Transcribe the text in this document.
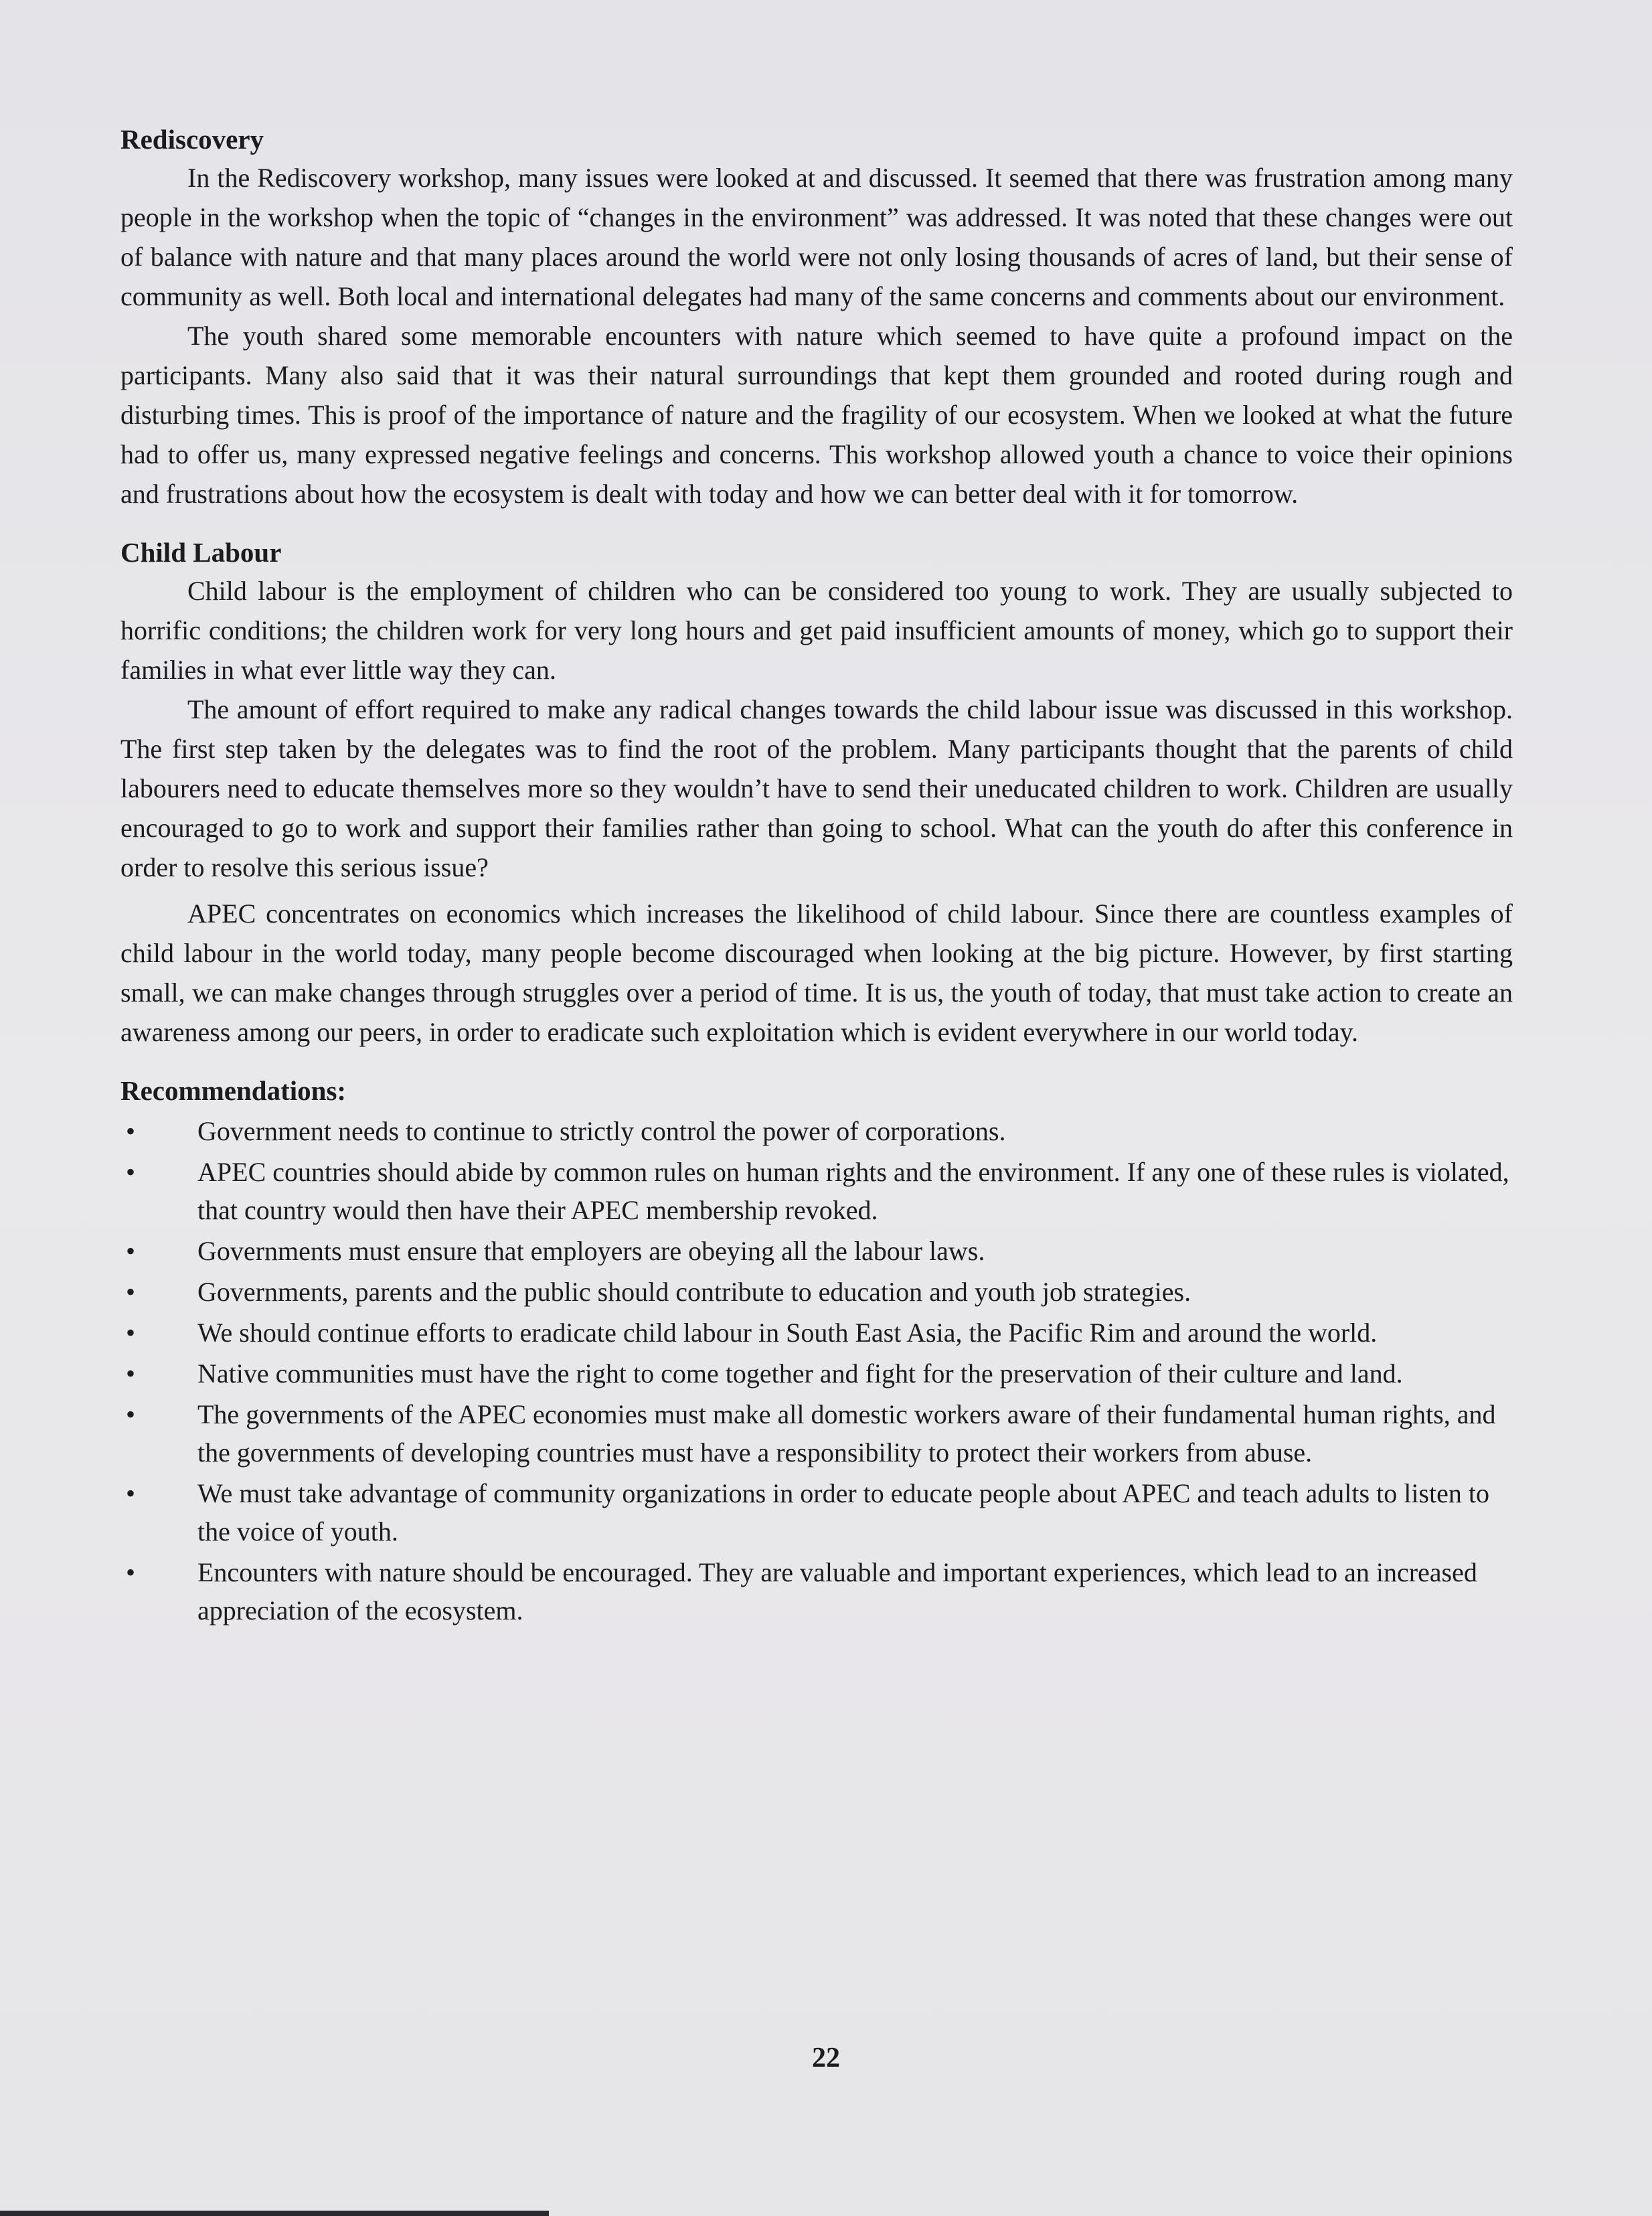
Rediscovery

In the Rediscovery workshop, many issues were looked at and discussed. It seemed that there was frustration among many people in the workshop when the topic of “changes in the environment” was addressed. It was noted that these changes were out of balance with nature and that many places around the world were not only losing thousands of acres of land, but their sense of community as well. Both local and international delegates had many of the same concerns and comments about our environment.

The youth shared some memorable encounters with nature which seemed to have quite a profound impact on the participants. Many also said that it was their natural surroundings that kept them grounded and rooted during rough and disturbing times. This is proof of the importance of nature and the fragility of our ecosystem. When we looked at what the future had to offer us, many expressed negative feelings and concerns. This workshop allowed youth a chance to voice their opinions and frustrations about how the ecosystem is dealt with today and how we can better deal with it for tomorrow.

Child Labour

Child labour is the employment of children who can be considered too young to work. They are usually subjected to horrific conditions; the children work for very long hours and get paid insufficient amounts of money, which go to support their families in what ever little way they can.

The amount of effort required to make any radical changes towards the child labour issue was discussed in this workshop. The first step taken by the delegates was to find the root of the problem. Many participants thought that the parents of child labourers need to educate themselves more so they wouldn’t have to send their uneducated children to work. Children are usually encouraged to go to work and support their families rather than going to school. What can the youth do after this conference in order to resolve this serious issue?

APEC concentrates on economics which increases the likelihood of child labour. Since there are countless examples of child labour in the world today, many people become discouraged when looking at the big picture. However, by first starting small, we can make changes through struggles over a period of time. It is us, the youth of today, that must take action to create an awareness among our peers, in order to eradicate such exploitation which is evident everywhere in our world today.

Recommendations:
• Government needs to continue to strictly control the power of corporations.
• APEC countries should abide by common rules on human rights and the environment. If any one of these rules is violated, that country would then have their APEC membership revoked.
• Governments must ensure that employers are obeying all the labour laws.
• Governments, parents and the public should contribute to education and youth job strategies.
• We should continue efforts to eradicate child labour in South East Asia, the Pacific Rim and around the world.
• Native communities must have the right to come together and fight for the preservation of their culture and land.
• The governments of the APEC economies must make all domestic workers aware of their fundamental human rights, and the governments of developing countries must have a responsibility to protect their workers from abuse.
• We must take advantage of community organizations in order to educate people about APEC and teach adults to listen to the voice of youth.
• Encounters with nature should be encouraged. They are valuable and important experiences, which lead to an increased appreciation of the ecosystem.
22
